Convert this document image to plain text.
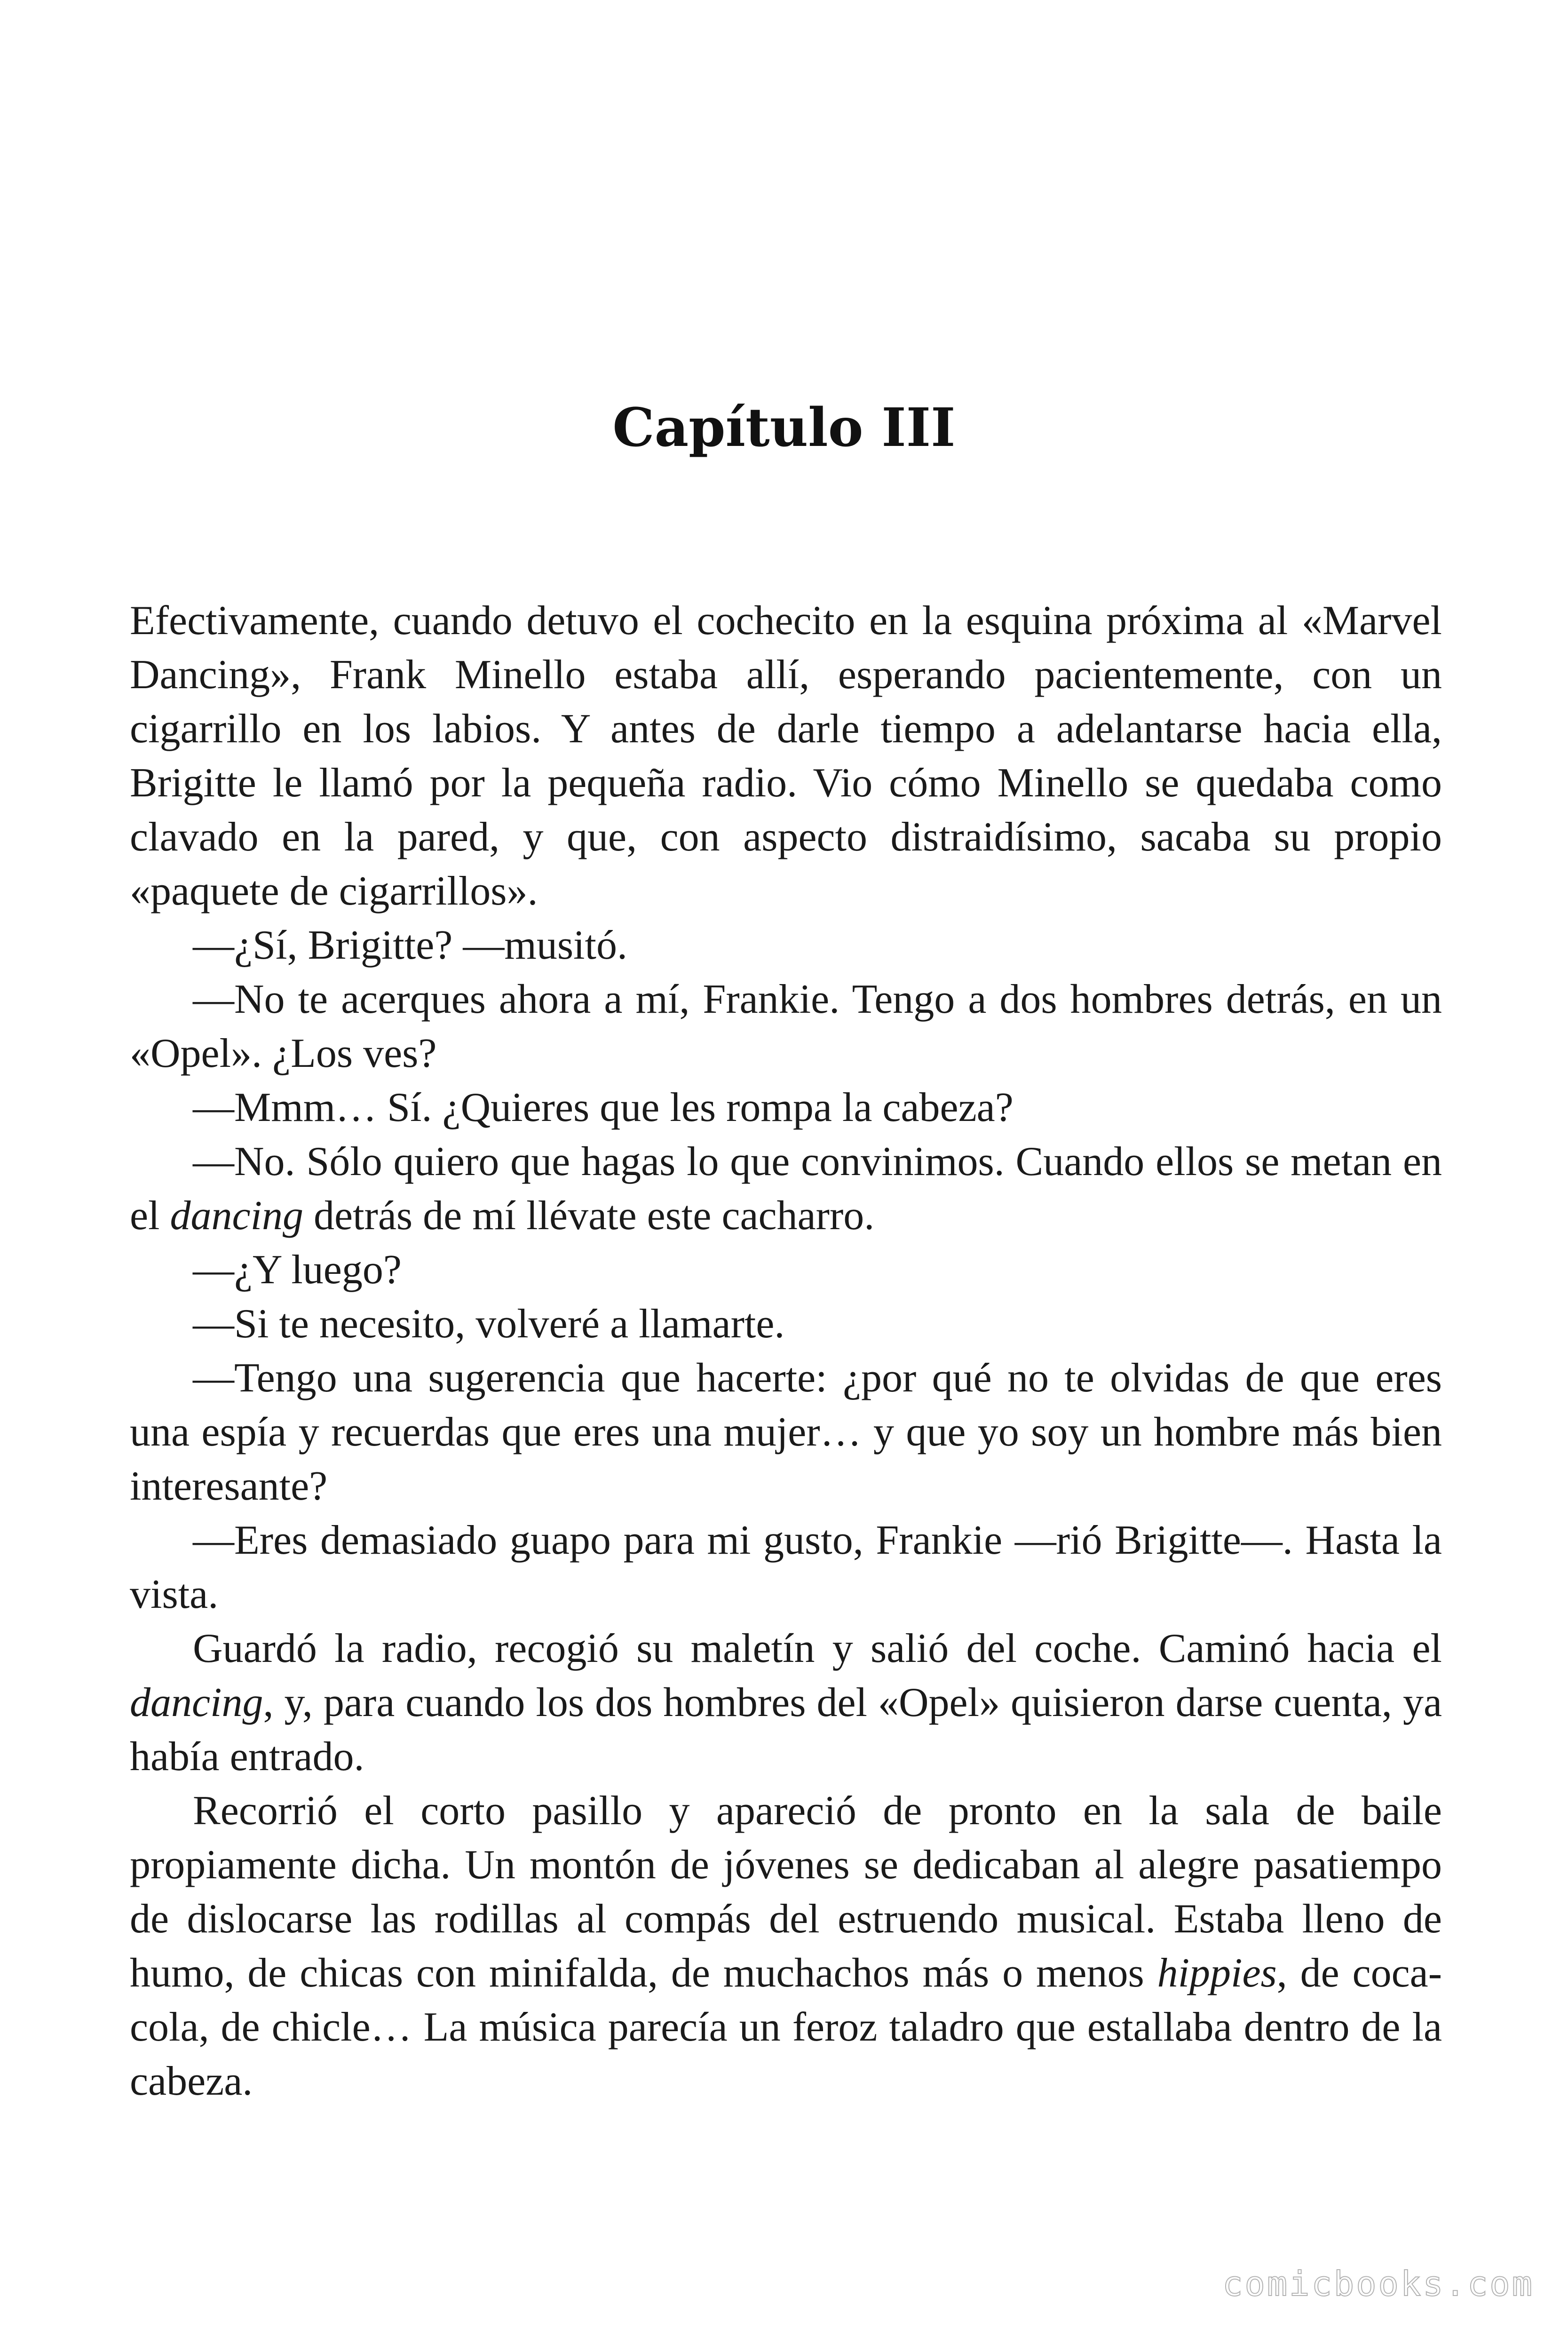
Capítulo III

Efectivamente, cuando detuvo el cochecito en la esquina próxima al «Marvel Dancing», Frank Minello estaba allí, esperando pacientemente, con un cigarrillo en los labios. Y antes de darle tiempo a adelantarse hacia ella, Brigitte le llamó por la pequeña radio. Vio cómo Minello se quedaba como clavado en la pared, y que, con aspecto distraidísimo, sacaba su propio «paquete de cigarrillos».

—¿Sí, Brigitte? —musitó.

—No te acerques ahora a mí, Frankie. Tengo a dos hombres detrás, en un «Opel». ¿Los ves?

—Mmm… Sí. ¿Quieres que les rompa la cabeza?

—No. Sólo quiero que hagas lo que convinimos. Cuando ellos se metan en el dancing detrás de mí llévate este cacharro.

—¿Y luego?

—Si te necesito, volveré a llamarte.

—Tengo una sugerencia que hacerte: ¿por qué no te olvidas de que eres una espía y recuerdas que eres una mujer… y que yo soy un hombre más bien interesante?

—Eres demasiado guapo para mi gusto, Frankie —rió Brigitte—. Hasta la vista.

Guardó la radio, recogió su maletín y salió del coche. Caminó hacia el dancing, y, para cuando los dos hombres del «Opel» quisieron darse cuenta, ya había entrado.

Recorrió el corto pasillo y apareció de pronto en la sala de baile propiamente dicha. Un montón de jóvenes se dedicaban al alegre pasatiempo de dislocarse las rodillas al compás del estruendo musical. Estaba lleno de humo, de chicas con minifalda, de muchachos más o menos hippies, de coca-cola, de chicle… La música parecía un feroz taladro que estallaba dentro de la cabeza.

comicbooks.com
